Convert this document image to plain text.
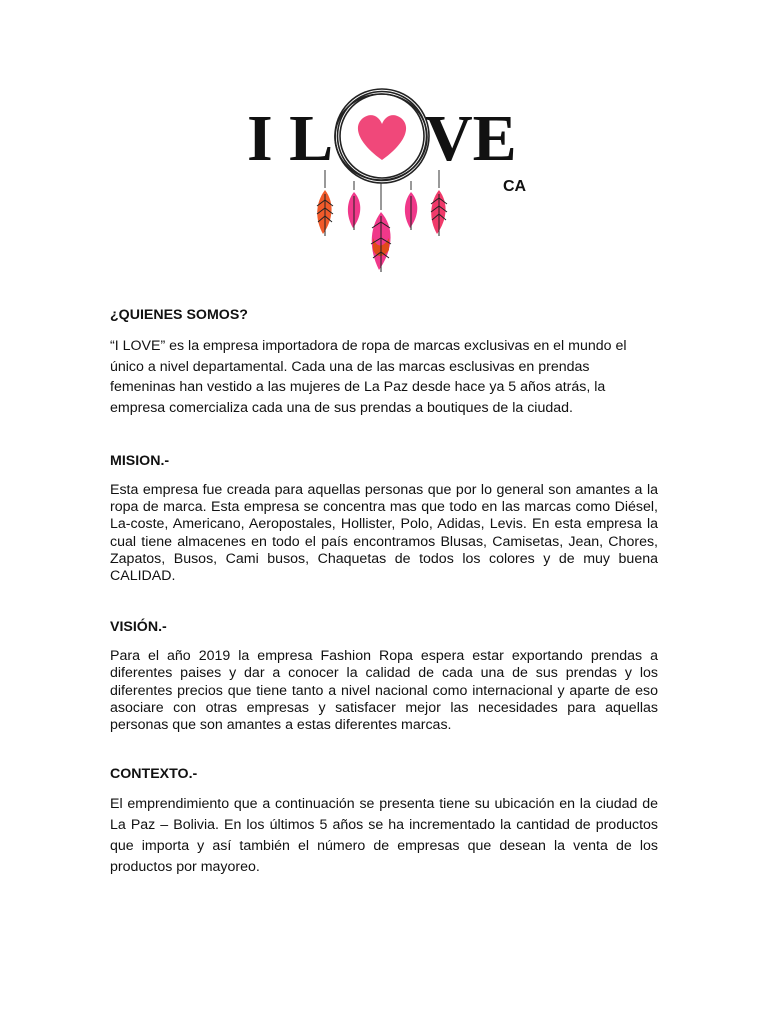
I L VE
CA
¿QUIENES SOMOS?

“I LOVE” es la empresa importadora de ropa de marcas exclusivas en el mundo el único a nivel departamental. Cada una de las marcas esclusivas en prendas femeninas han vestido a las mujeres de La Paz desde hace ya 5 años atrás, la empresa comercializa cada una de sus prendas a boutiques de la ciudad.

MISION.-

Esta empresa fue creada para aquellas personas que por lo general son amantes a la ropa de marca. Esta empresa se concentra mas que todo en las marcas como Diésel, La-coste, Americano, Aeropostales, Hollister, Polo, Adidas, Levis. En esta empresa la cual tiene almacenes en todo el país encontramos Blusas, Camisetas, Jean, Chores, Zapatos, Busos, Cami busos, Chaquetas de todos los colores y de muy buena CALIDAD.

VISIÓN.-

Para el año 2019 la empresa Fashion Ropa espera estar exportando prendas a diferentes paises y dar a conocer la calidad de cada una de sus prendas y los diferentes precios que tiene tanto a nivel nacional como internacional y aparte de eso asociare con otras empresas y satisfacer mejor las necesidades para aquellas personas que son amantes a estas diferentes marcas.

CONTEXTO.-

El emprendimiento que a continuación se presenta tiene su ubicación en la ciudad de La Paz – Bolivia. En los últimos 5 años se ha incrementado la cantidad de productos que importa y así también el número de empresas que desean la venta de los productos por mayoreo.
